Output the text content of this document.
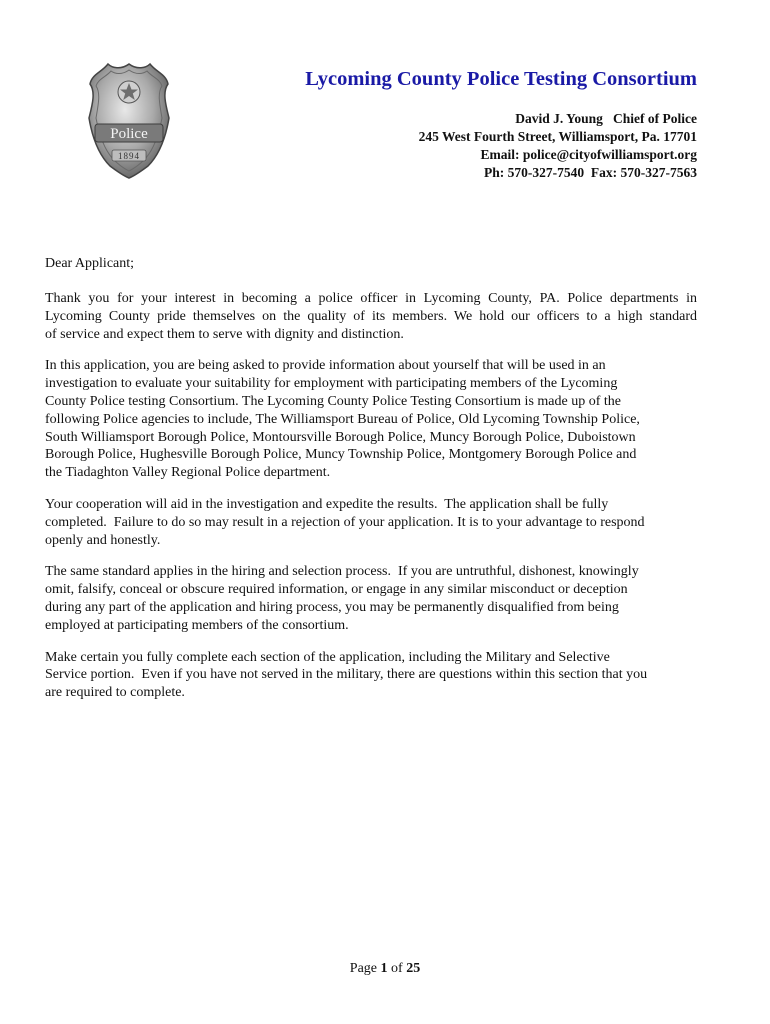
Police
1894
Lycoming County Police Testing Consortium
David J. Young   Chief of Police
245 West Fourth Street, Williamsport, Pa. 17701
Email: police@cityofwilliamsport.org
Ph: 570-327-7540  Fax: 570-327-7563
Dear Applicant;

Thank you for your interest in becoming a police officer in Lycoming County, PA. Police departments in
Lycoming County pride themselves on the quality of its members. We hold our officers to a high standard
of service and expect them to serve with dignity and distinction.

In this application, you are being asked to provide information about yourself that will be used in an
investigation to evaluate your suitability for employment with participating members of the Lycoming
County Police testing Consortium. The Lycoming County Police Testing Consortium is made up of the
following Police agencies to include, The Williamsport Bureau of Police, Old Lycoming Township Police,
South Williamsport Borough Police, Montoursville Borough Police, Muncy Borough Police, Duboistown
Borough Police, Hughesville Borough Police, Muncy Township Police, Montgomery Borough Police and
the Tiadaghton Valley Regional Police department.

Your cooperation will aid in the investigation and expedite the results.  The application shall be fully
completed.  Failure to do so may result in a rejection of your application. It is to your advantage to respond
openly and honestly.

The same standard applies in the hiring and selection process.  If you are untruthful, dishonest, knowingly
omit, falsify, conceal or obscure required information, or engage in any similar misconduct or deception
during any part of the application and hiring process, you may be permanently disqualified from being
employed at participating members of the consortium.

Make certain you fully complete each section of the application, including the Military and Selective
Service portion.  Even if you have not served in the military, there are questions within this section that you
are required to complete.

Page 1 of 25
